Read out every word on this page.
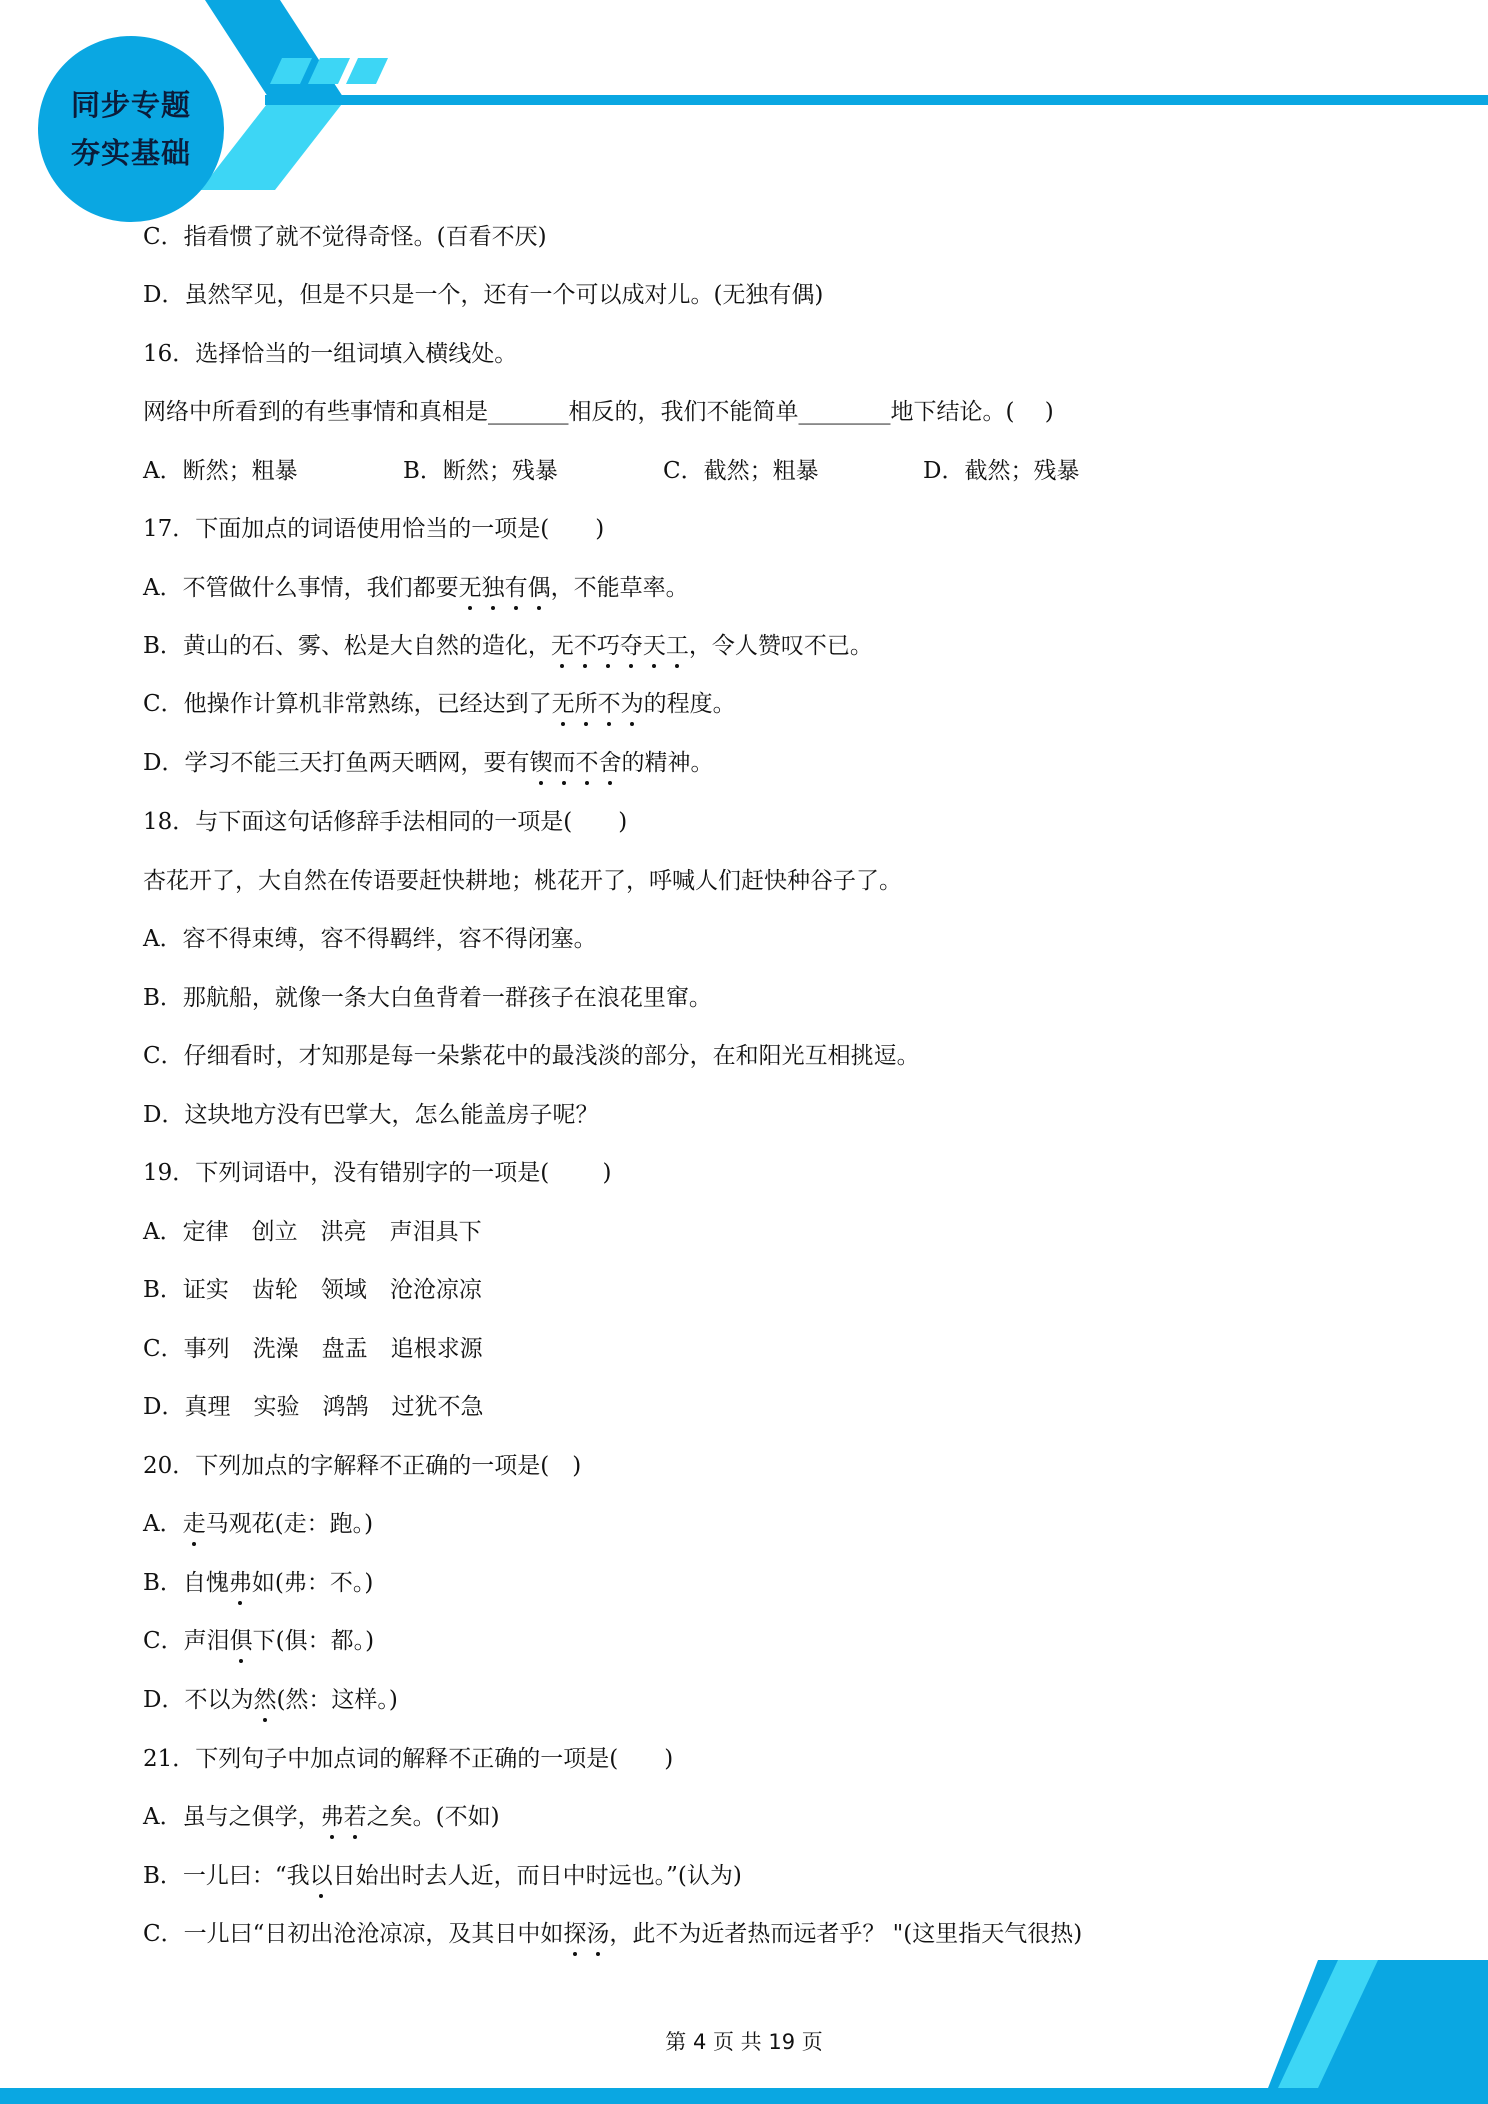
同步专题
夯实基础
C．指看惯了就不觉得奇怪。(百看不厌)
D．虽然罕见，但是不只是一个，还有一个可以成对儿。(无独有偶)
16．选择恰当的一组词填入横线处。
网络中所看到的有些事情和真相是_______相反的，我们不能简单________地下结论。(　 )
A．断然；粗暴	B．断然；残暴	C．截然；粗暴	D．截然；残暴
17．下面加点的词语使用恰当的一项是(　　)
A．不管做什么事情，我们都要无独有偶，不能草率。
B．黄山的石、雾、松是大自然的造化，无不巧夺天工，令人赞叹不已。
C．他操作计算机非常熟练，已经达到了无所不为的程度。
D．学习不能三天打鱼两天晒网，要有锲而不舍的精神。
18．与下面这句话修辞手法相同的一项是(　　)
杏花开了，大自然在传语要赶快耕地；桃花开了，呼喊人们赶快种谷子了。
A．容不得束缚，容不得羁绊，容不得闭塞。
B．那航船，就像一条大白鱼背着一群孩子在浪花里窜。
C．仔细看时，才知那是每一朵紫花中的最浅淡的部分，在和阳光互相挑逗。
D．这块地方没有巴掌大，怎么能盖房子呢？
19．下列词语中，没有错别字的一项是(　　 )
A．定律　创立　洪亮　声泪具下
B．证实　齿轮　领域　沧沧凉凉
C．事列　洗澡　盘盂　追根求源
D．真理　实验　鸿鹄　过犹不急
20．下列加点的字解释不正确的一项是(　)
A．走马观花(走：跑。)
B．自愧弗如(弗：不。)
C．声泪俱下(俱：都。)
D．不以为然(然：这样。)
21．下列句子中加点词的解释不正确的一项是(　　)
A．虽与之俱学，弗若之矣。(不如)
B．一儿曰：“我以日始出时去人近，而日中时远也。”(认为)
C．一儿曰“日初出沧沧凉凉，及其日中如探汤，此不为近者热而远者乎？ "(这里指天气很热)
第 4 页 共 19 页
